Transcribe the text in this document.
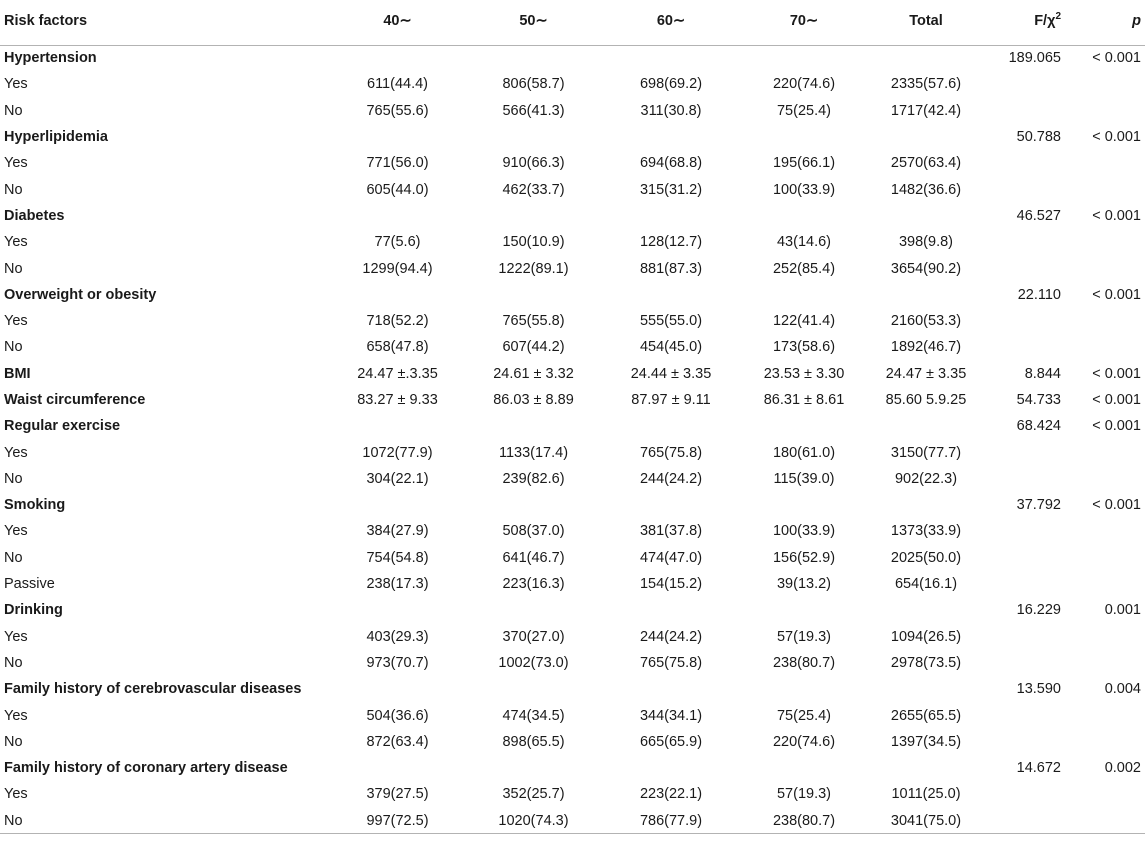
Risk factors	40∼	50∼	60∼	70∼	Total	$F/\chi^2$	p
Hypertension						189.065	< 0.001
Yes	611(44.4)	806(58.7)	698(69.2)	220(74.6)	2335(57.6)		
No	765(55.6)	566(41.3)	311(30.8)	75(25.4)	1717(42.4)		
Hyperlipidemia						50.788	< 0.001
Yes	771(56.0)	910(66.3)	694(68.8)	195(66.1)	2570(63.4)		
No	605(44.0)	462(33.7)	315(31.2)	100(33.9)	1482(36.6)		
Diabetes						46.527	< 0.001
Yes	77(5.6)	150(10.9)	128(12.7)	43(14.6)	398(9.8)		
No	1299(94.4)	1222(89.1)	881(87.3)	252(85.4)	3654(90.2)		
Overweight or obesity						22.110	< 0.001
Yes	718(52.2)	765(55.8)	555(55.0)	122(41.4)	2160(53.3)		
No	658(47.8)	607(44.2)	454(45.0)	173(58.6)	1892(46.7)		
BMI	24.47 ±.3.35	24.61 ± 3.32	24.44 ± 3.35	23.53 ± 3.30	24.47 ± 3.35	8.844	< 0.001
Waist circumference	83.27 ± 9.33	86.03 ± 8.89	87.97 ± 9.11	86.31 ± 8.61	85.60 5.9.25	54.733	< 0.001
Regular exercise						68.424	< 0.001
Yes	1072(77.9)	1133(17.4)	765(75.8)	180(61.0)	3150(77.7)		
No	304(22.1)	239(82.6)	244(24.2)	115(39.0)	902(22.3)		
Smoking						37.792	< 0.001
Yes	384(27.9)	508(37.0)	381(37.8)	100(33.9)	1373(33.9)		
No	754(54.8)	641(46.7)	474(47.0)	156(52.9)	2025(50.0)		
Passive	238(17.3)	223(16.3)	154(15.2)	39(13.2)	654(16.1)		
Drinking						16.229	0.001
Yes	403(29.3)	370(27.0)	244(24.2)	57(19.3)	1094(26.5)		
No	973(70.7)	1002(73.0)	765(75.8)	238(80.7)	2978(73.5)		
Family history of cerebrovascular diseases						13.590	0.004
Yes	504(36.6)	474(34.5)	344(34.1)	75(25.4)	2655(65.5)		
No	872(63.4)	898(65.5)	665(65.9)	220(74.6)	1397(34.5)		
Family history of coronary artery disease						14.672	0.002
Yes	379(27.5)	352(25.7)	223(22.1)	57(19.3)	1011(25.0)		
No	997(72.5)	1020(74.3)	786(77.9)	238(80.7)	3041(75.0)		
